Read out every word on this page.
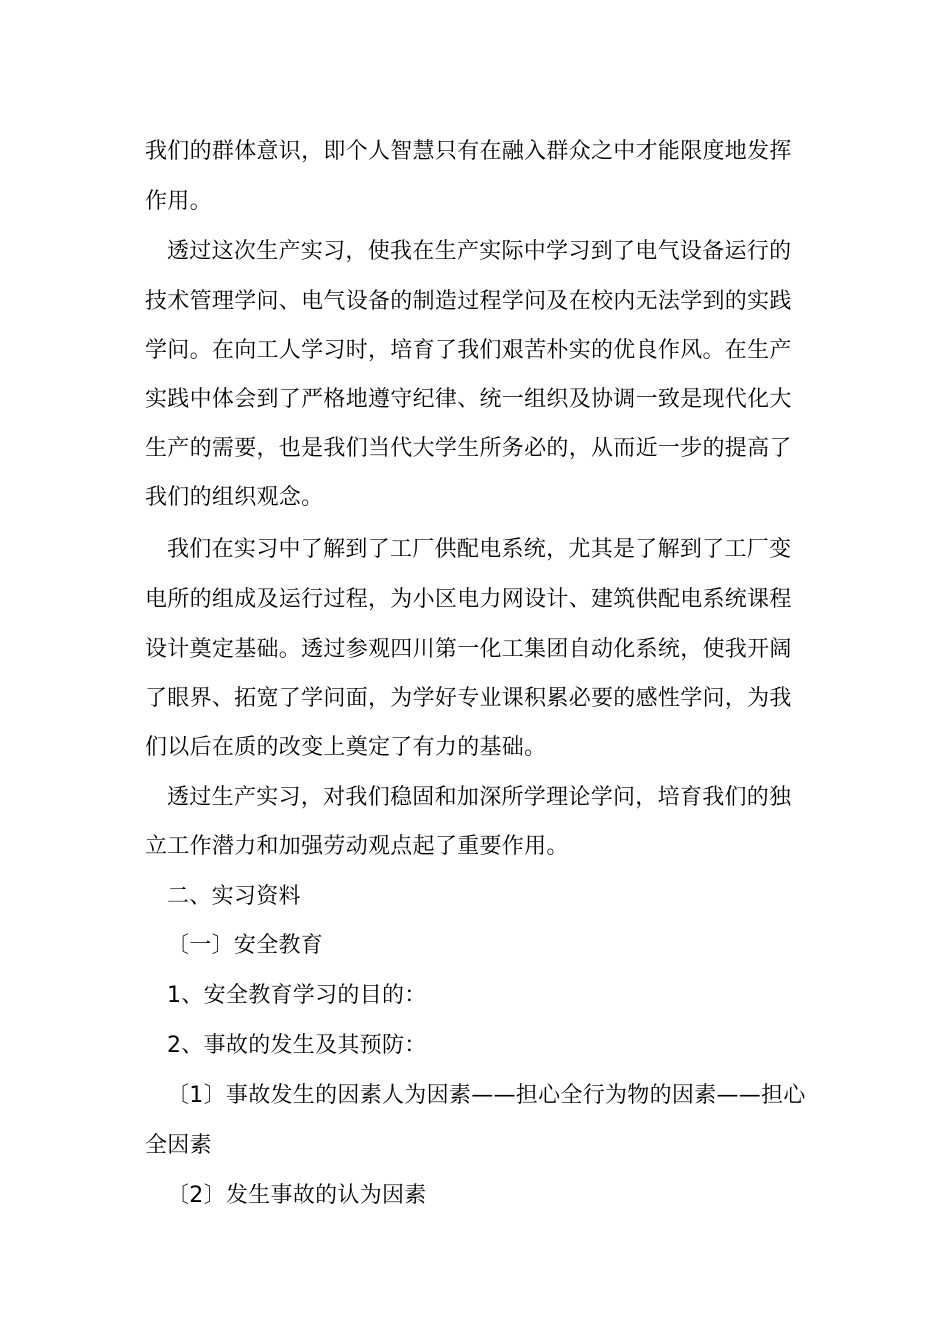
我们的群体意识，即个人智慧只有在融入群众之中才能限度地发挥
作用。
透过这次生产实习，使我在生产实际中学习到了电气设备运行的
技术管理学问、电气设备的制造过程学问及在校内无法学到的实践
学问。在向工人学习时，培育了我们艰苦朴实的优良作风。在生产
实践中体会到了严格地遵守纪律、统一组织及协调一致是现代化大
生产的需要，也是我们当代大学生所务必的，从而近一步的提高了
我们的组织观念。
我们在实习中了解到了工厂供配电系统，尤其是了解到了工厂变
电所的组成及运行过程，为小区电力网设计、建筑供配电系统课程
设计奠定基础。透过参观四川第一化工集团自动化系统，使我开阔
了眼界、拓宽了学问面，为学好专业课积累必要的感性学问，为我
们以后在质的改变上奠定了有力的基础。
透过生产实习，对我们稳固和加深所学理论学问，培育我们的独
立工作潜力和加强劳动观点起了重要作用。
二、实习资料
〔一〕安全教育
1、安全教育学习的目的：
2、事故的发生及其预防：
〔1〕事故发生的因素人为因素——担心全行为物的因素——担心
全因素
〔2〕发生事故的认为因素
